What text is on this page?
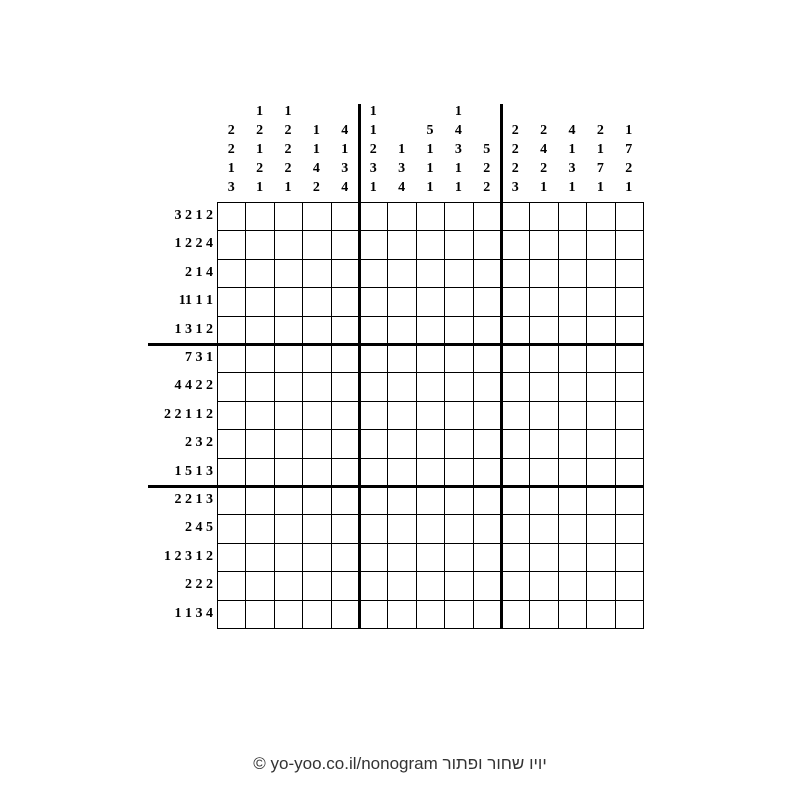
2
2
1
3
1
2
1
2
1
1
2
2
2
1
1
1
4
2
4
1
3
4
1
1
2
3
1
1
3
4
5
1
1
1
1
4
3
1
1
5
2
2
2
2
2
3
2
4
2
1
4
1
3
1
2
1
7
1
1
7
2
1
3 2 1 2
1 2 2 4
2 1 4
11 1 1
1 3 1 2
7 3 1
4 4 2 2
2 2 1 1 2
2 3 2
1 5 1 3
2 2 1 3
2 4 5
1 2 3 1 2
2 2 2
1 1 3 4
© yo-yoo.co.il/nonogram יויו שחור ופתור
